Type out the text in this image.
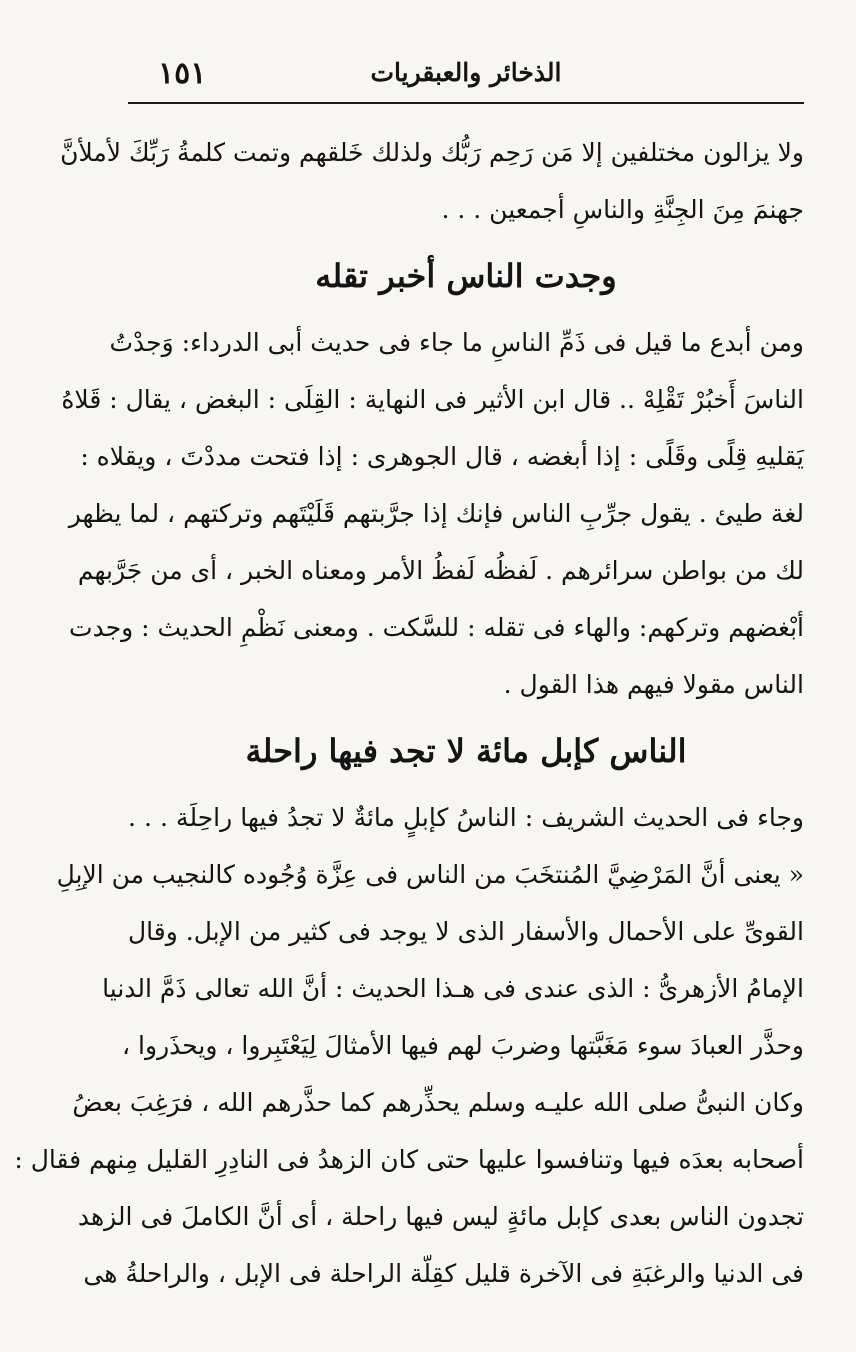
١٥١	الذخائر والعبقريات
ولا يزالون مختلفين إلا مَن رَحِم رَبُّك ولذلك خَلقهم وتمت كلمةُ رَبِّكَ لأملأنَّ
جهنمَ مِنَ الجِنَّةِ والناسِ أجمعين . . .
وجدت الناس أخبر تقله
ومن أبدع ما قيل فى ذَمِّ الناسِ ما جاء فى حديث أبى الدرداء: وَجدْتُ
الناسَ أَخبُرْ تَقْلِهْ .. قال ابن الأثير فى النهاية : القِلَى : البغض ، يقال : قَلاهُ
يَقليهِ قِلًى وقَلًى : إذا أبغضه ، قال الجوهرى : إذا فتحت مددْتَ ، ويقلاه :
لغة طيئ . يقول جرِّبِ الناس فإنك إذا جرَّبتهم قَلَيْتَهم وتركتهم ، لما يظهر
لك من بواطن سرائرهم . لَفظُه لَفظُ الأمر ومعناه الخبر ، أى من جَرَّبهم
أبْغضهم وتركهم: والهاء فى تقله : للسَّكت . ومعنى نَظْمِ الحديث : وجدت
الناس مقولا فيهم هذا القول .
الناس كإبل مائة لا تجد فيها راحلة
وجاء فى الحديث الشريف : الناسُ كإبلٍ مائةٌ لا تجدُ فيها راحِلَة . . .
« يعنى أنَّ المَرْضِيَّ المُنتخَبَ من الناس فى عِزَّة وُجُوده كالنجيب من الإبِلِ
القوىِّ على الأحمال والأسفار الذى لا يوجد فى كثير من الإبل. وقال
الإمامُ الأزهرىُّ : الذى عندى فى هـذا الحديث : أنَّ الله تعالى ذَمَّ الدنيا
وحذَّر العبادَ سوء مَغَبَّتها وضربَ لهم فيها الأمثالَ لِيَعْتَبِروا ، ويحذَروا ،
وكان النبىُّ صلى الله عليـه وسلم يحذِّرهم كما حذَّرهم الله ، فرَغِبَ بعضُ
أصحابه بعدَه فيها وتنافسوا عليها حتى كان الزهدُ فى النادِرِ القليل مِنهم فقال :
تجدون الناس بعدى كإبل مائةٍ ليس فيها راحلة ، أى أنَّ الكاملَ فى الزهد
فى الدنيا والرغبَةِ فى الآخرة قليل كقِلّة الراحلة فى الإبل ، والراحلةُ هى
